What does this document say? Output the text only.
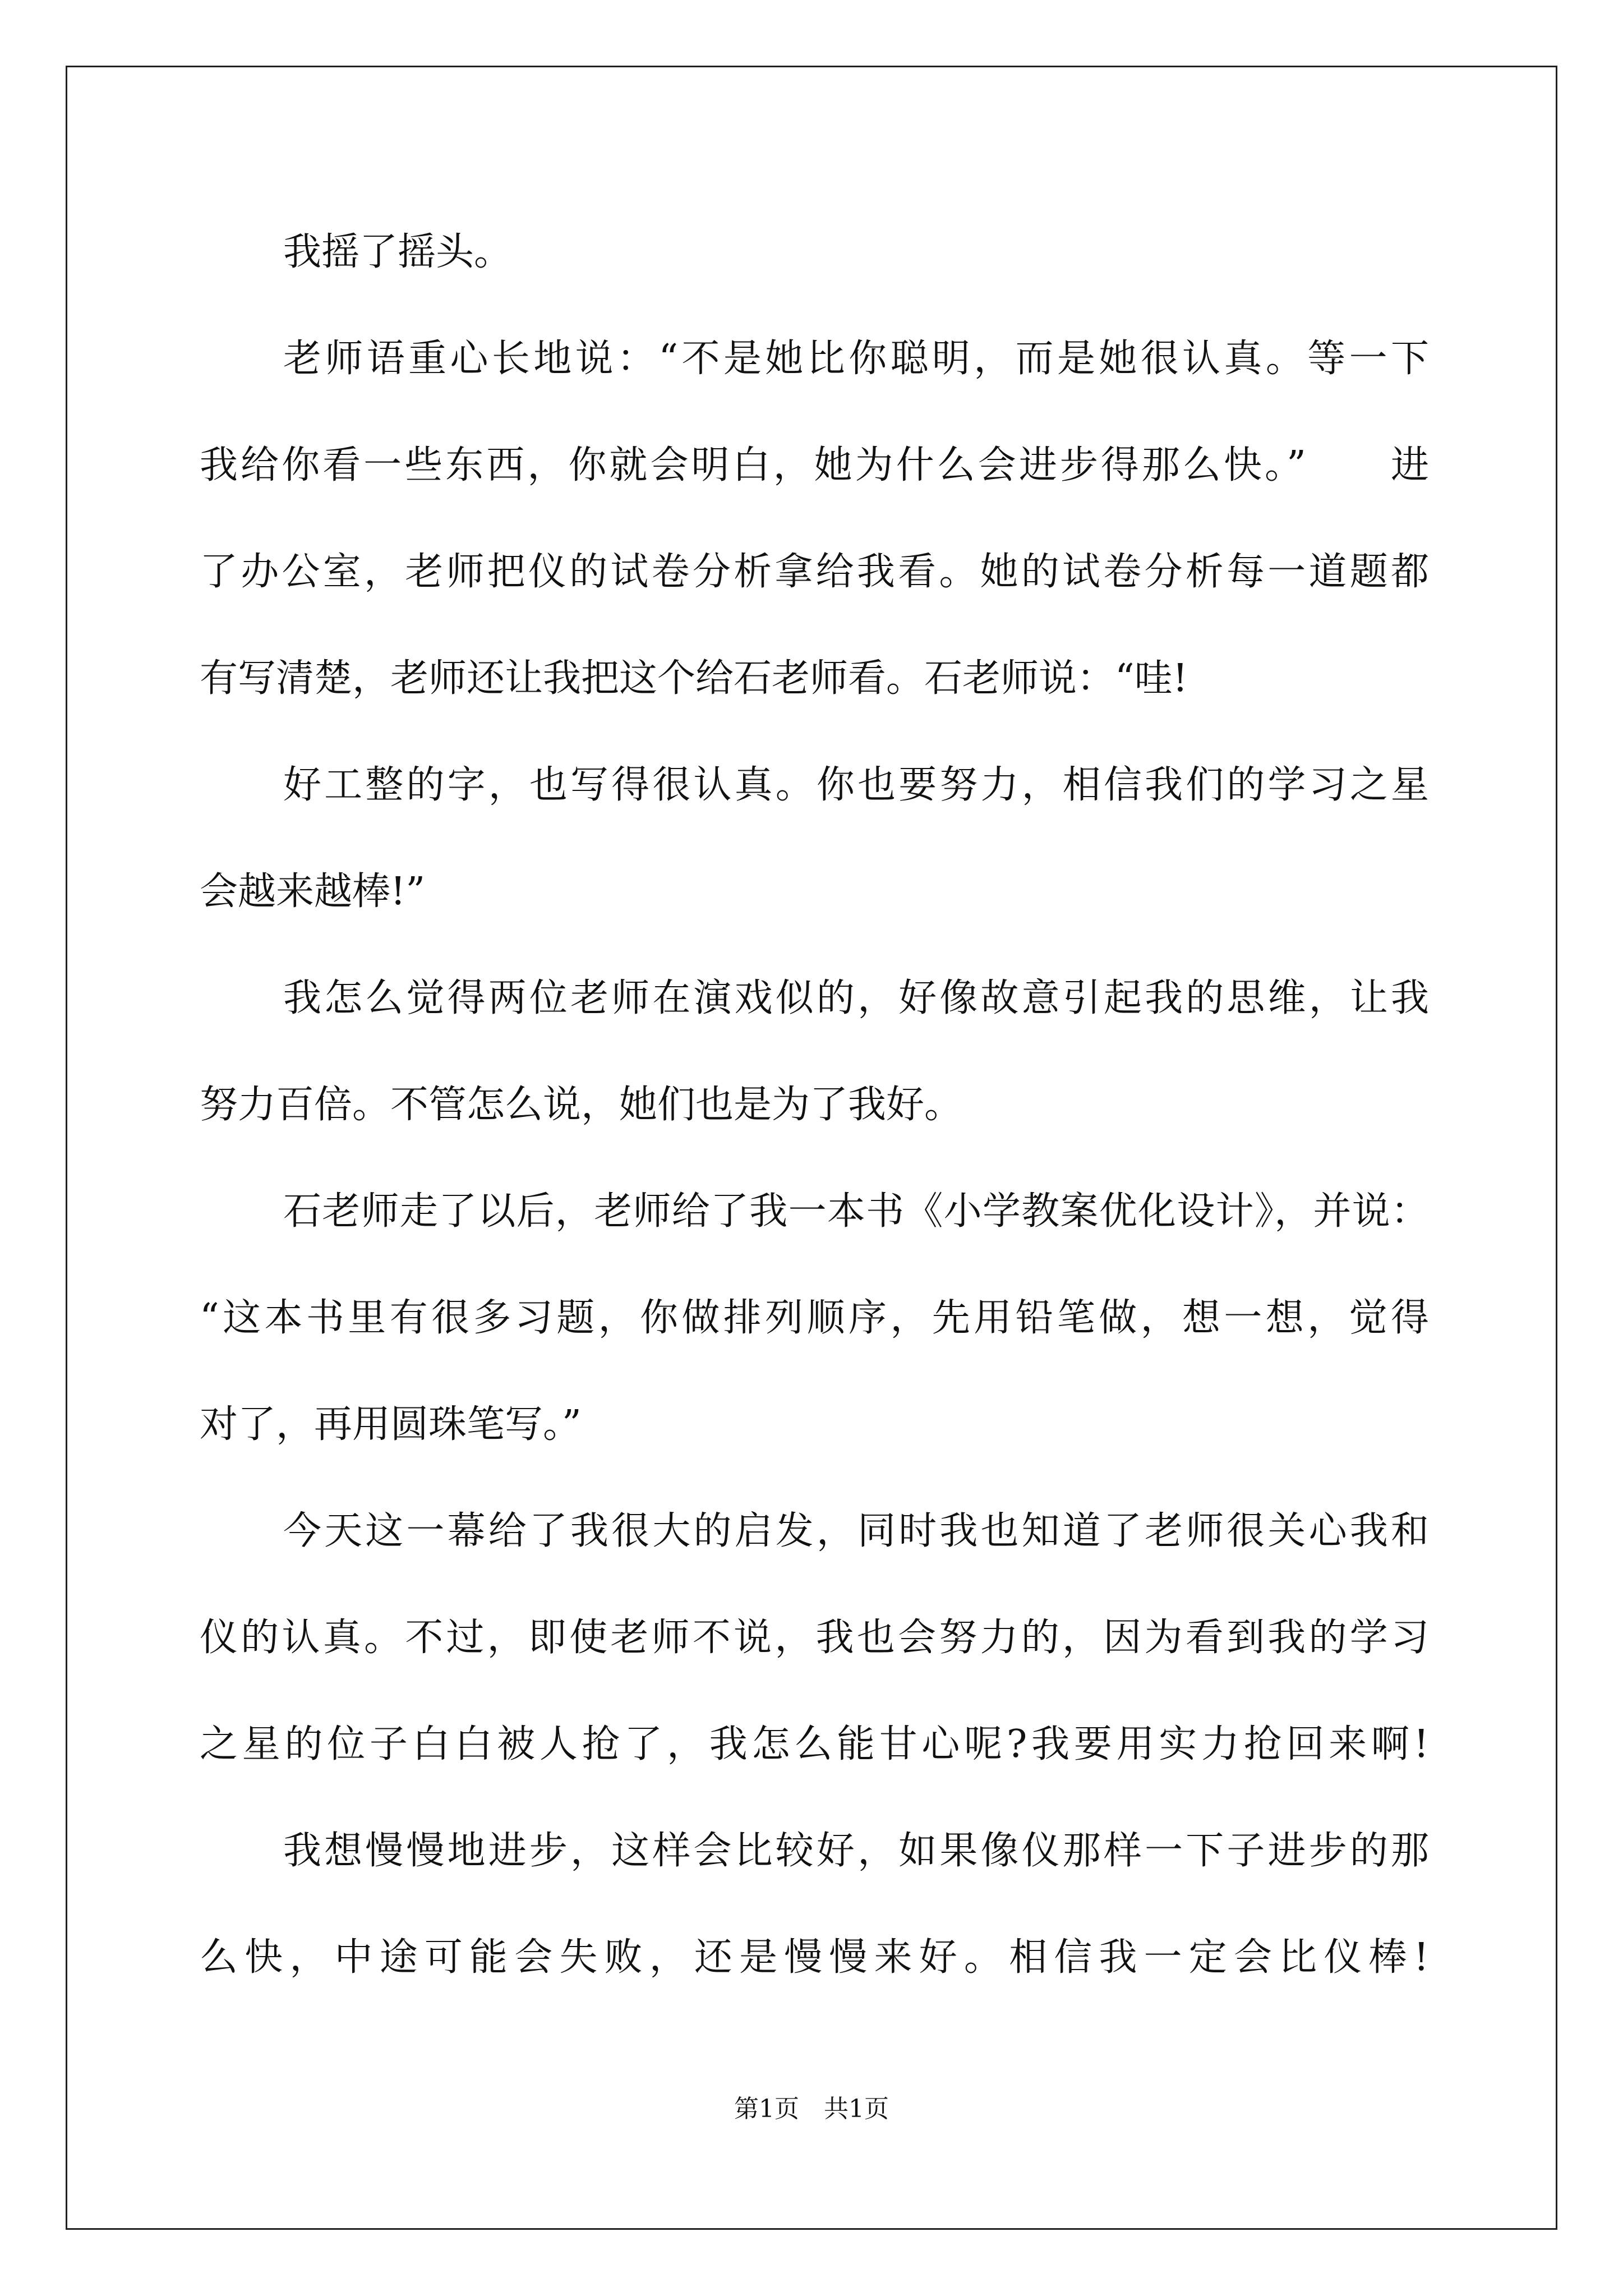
我摇了摇头。
老师语重心长地说：“不是她比你聪明，而是她很认真。等一下
我给你看一些东西，你就会明白，她为什么会进步得那么快。”　　进
了办公室，老师把仪的试卷分析拿给我看。她的试卷分析每一道题都
有写清楚，老师还让我把这个给石老师看。石老师说：“哇!
好工整的字，也写得很认真。你也要努力，相信我们的学习之星
会越来越棒!”
我怎么觉得两位老师在演戏似的，好像故意引起我的思维，让我
努力百倍。不管怎么说，她们也是为了我好。
石老师走了以后，老师给了我一本书《小学教案优化设计》，并说：
“这本书里有很多习题，你做排列顺序，先用铅笔做，想一想，觉得
对了，再用圆珠笔写。”
今天这一幕给了我很大的启发，同时我也知道了老师很关心我和
仪的认真。不过，即使老师不说，我也会努力的，因为看到我的学习
之星的位子白白被人抢了，我怎么能甘心呢?我要用实力抢回来啊!
我想慢慢地进步，这样会比较好，如果像仪那样一下子进步的那
么快，中途可能会失败，还是慢慢来好。相信我一定会比仪棒!
第1页　共1页
